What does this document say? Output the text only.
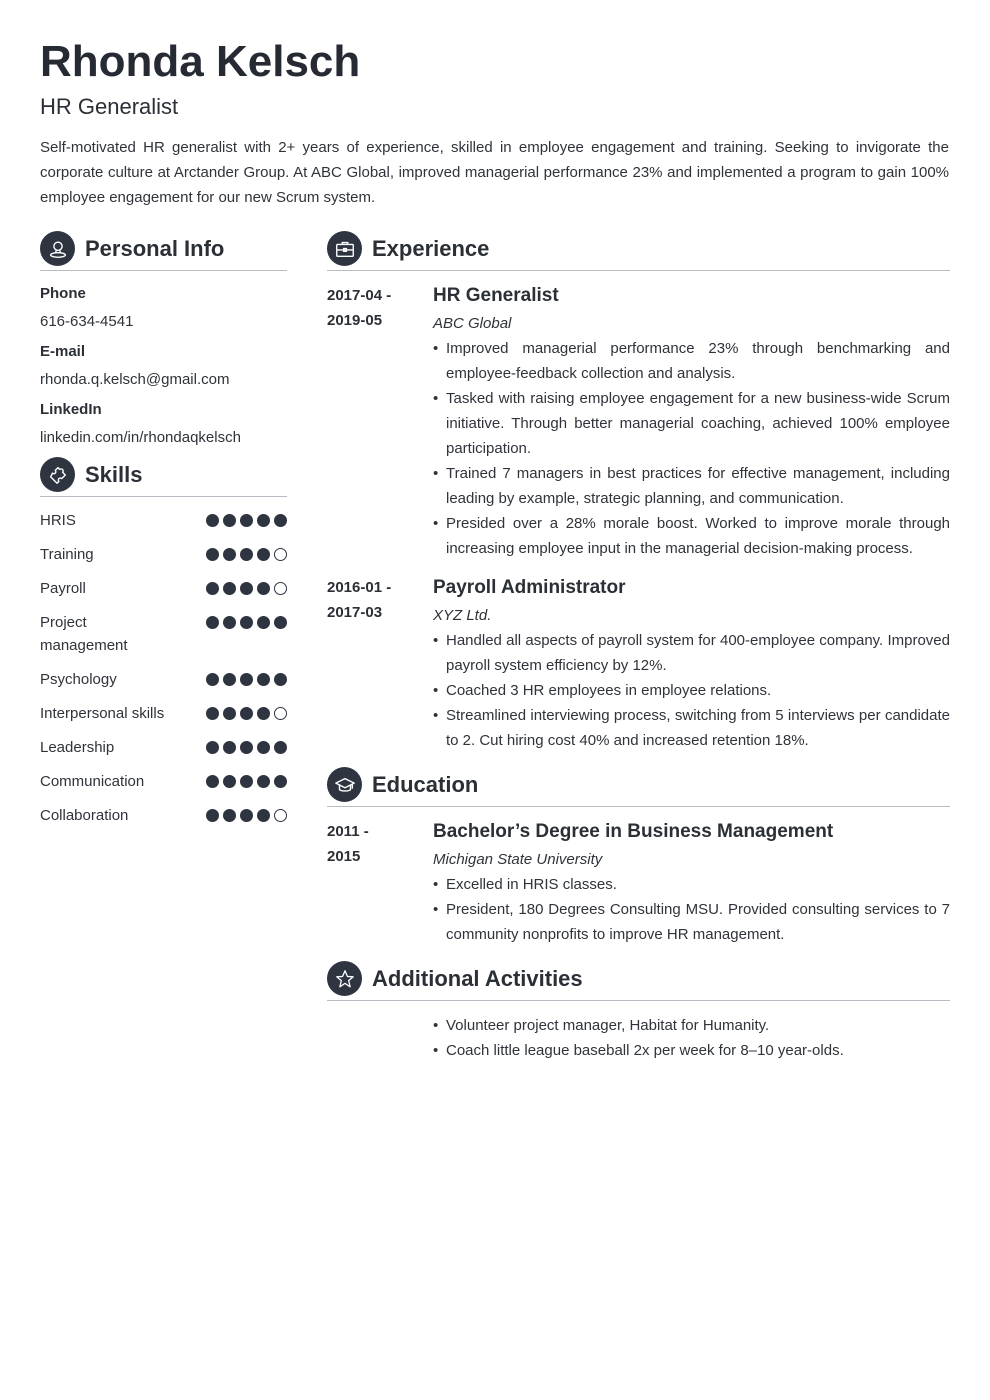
Rhonda Kelsch
HR Generalist
Self-motivated HR generalist with 2+ years of experience, skilled in employee engagement and training. Seeking to invigorate the corporate culture at Arctander Group. At ABC Global, improved managerial performance 23% and implemented a program to gain 100% employee engagement for our new Scrum system.
Personal Info
Phone
616-634-4541
E-mail
rhonda.q.kelsch@gmail.com
LinkedIn
linkedin.com/in/rhondaqkelsch
Skills
HRIS
Training
Payroll
Project management
Psychology
Interpersonal skills
Leadership
Communication
Collaboration
Experience
2017-04 -
2019-05
HR Generalist
ABC Global
• Improved managerial performance 23% through benchmarking and employee-feedback collection and analysis.
• Tasked with raising employee engagement for a new business-wide Scrum initiative. Through better managerial coaching, achieved 100% employee participation.
• Trained 7 managers in best practices for effective management, including leading by example, strategic planning, and communication.
• Presided over a 28% morale boost. Worked to improve morale through increasing employee input in the managerial decision-making process.
2016-01 -
2017-03
Payroll Administrator
XYZ Ltd.
• Handled all aspects of payroll system for 400-employee company. Improved payroll system efficiency by 12%.
• Coached 3 HR employees in employee relations.
• Streamlined interviewing process, switching from 5 interviews per candidate to 2. Cut hiring cost 40% and increased retention 18%.
Education
2011 -
2015
Bachelor’s Degree in Business Management
Michigan State University
• Excelled in HRIS classes.
• President, 180 Degrees Consulting MSU. Provided consulting services to 7 community nonprofits to improve HR management.
Additional Activities
• Volunteer project manager, Habitat for Humanity.
• Coach little league baseball 2x per week for 8–10 year-olds.
